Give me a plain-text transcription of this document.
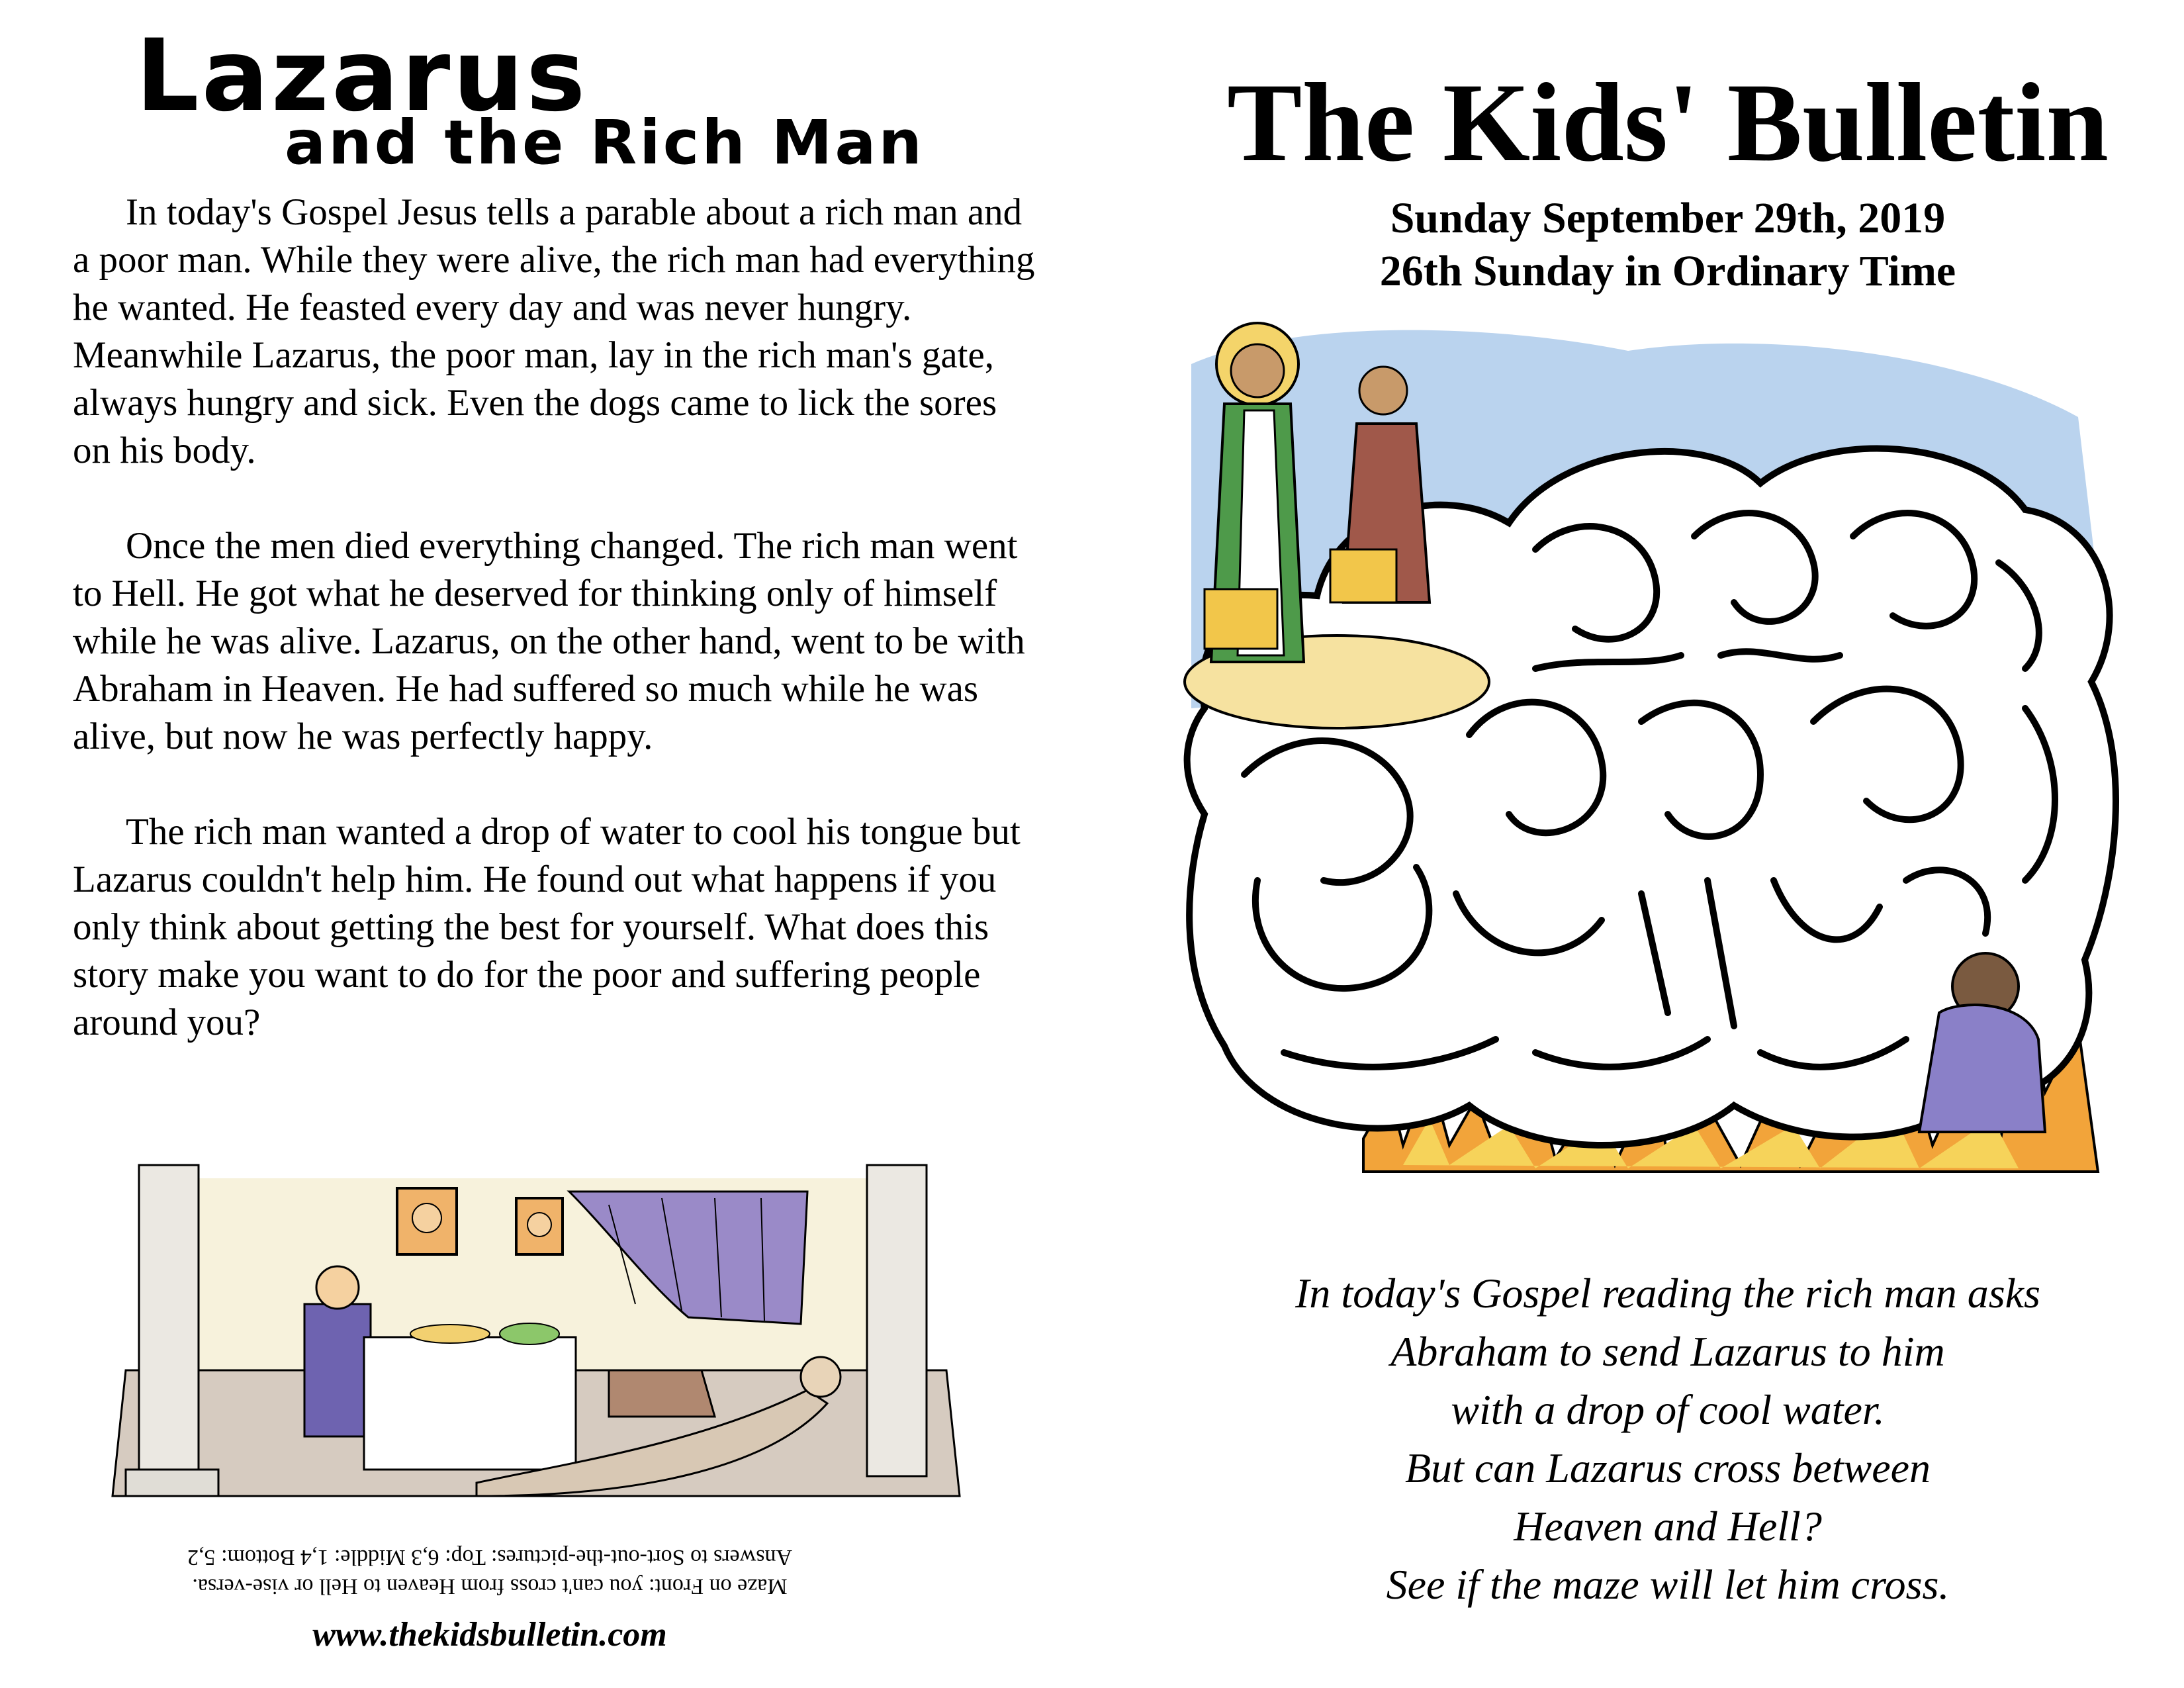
Lazarus
and the Rich Man

In today's Gospel Jesus tells a parable about a rich man and a poor man. While they were alive, the rich man had everything he wanted. He feasted every day and was never hungry. Meanwhile Lazarus, the poor man, lay in the rich man's gate, always hungry and sick. Even the dogs came to lick the sores on his body.

Once the men died everything changed. The rich man went to Hell. He got what he deserved for thinking only of himself while he was alive. Lazarus, on the other hand, went to be with Abraham in Heaven. He had suffered so much while he was alive, but now he was perfectly happy.

The rich man wanted a drop of water to cool his tongue but Lazarus couldn't help him. He found out what happens if you only think about getting the best for yourself. What does this story make you want to do for the poor and suffering people around you?

Maze on Front: you can't cross from Heaven to Hell or vise-versa.
Answers to Sort-out-the-pictures: Top: 6,3 Middle: 1,4 Bottom: 5,2
www.thekidsbulletin.com
The Kids' Bulletin
Sunday September 29th, 2019
26th Sunday in Ordinary Time
In today's Gospel reading the rich man asks
Abraham to send Lazarus to him
with a drop of cool water.
But can Lazarus cross between
Heaven and Hell?
See if the maze will let him cross.
